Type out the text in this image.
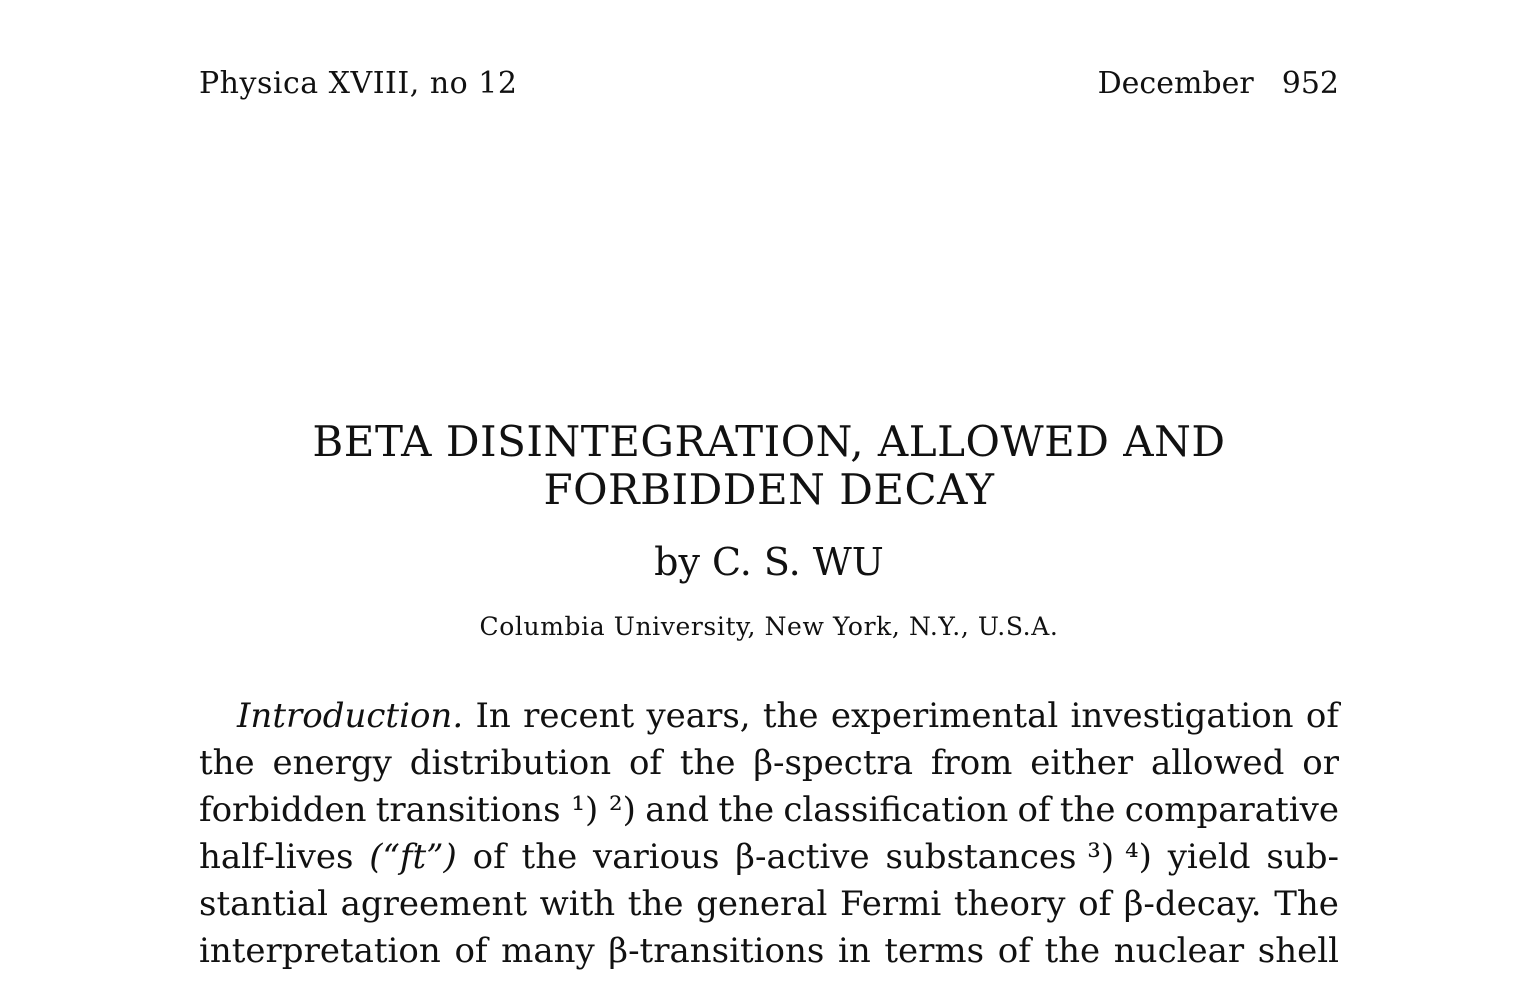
Physica XVIII, no 12	December 952
BETA DISINTEGRATION, ALLOWED AND
FORBIDDEN DECAY
by C. S. WU
Columbia University, New York, N.Y., U.S.A.
Introduction. In recent years, the experimental investigation of
the energy distribution of the β-spectra from either allowed or
forbidden transitions ¹) ²) and the classification of the comparative
half-lives (“ft”) of the various β-active substances ³) ⁴) yield sub-
stantial agreement with the general Fermi theory of β-decay. The
interpretation of many β-transitions in terms of the nuclear shell
